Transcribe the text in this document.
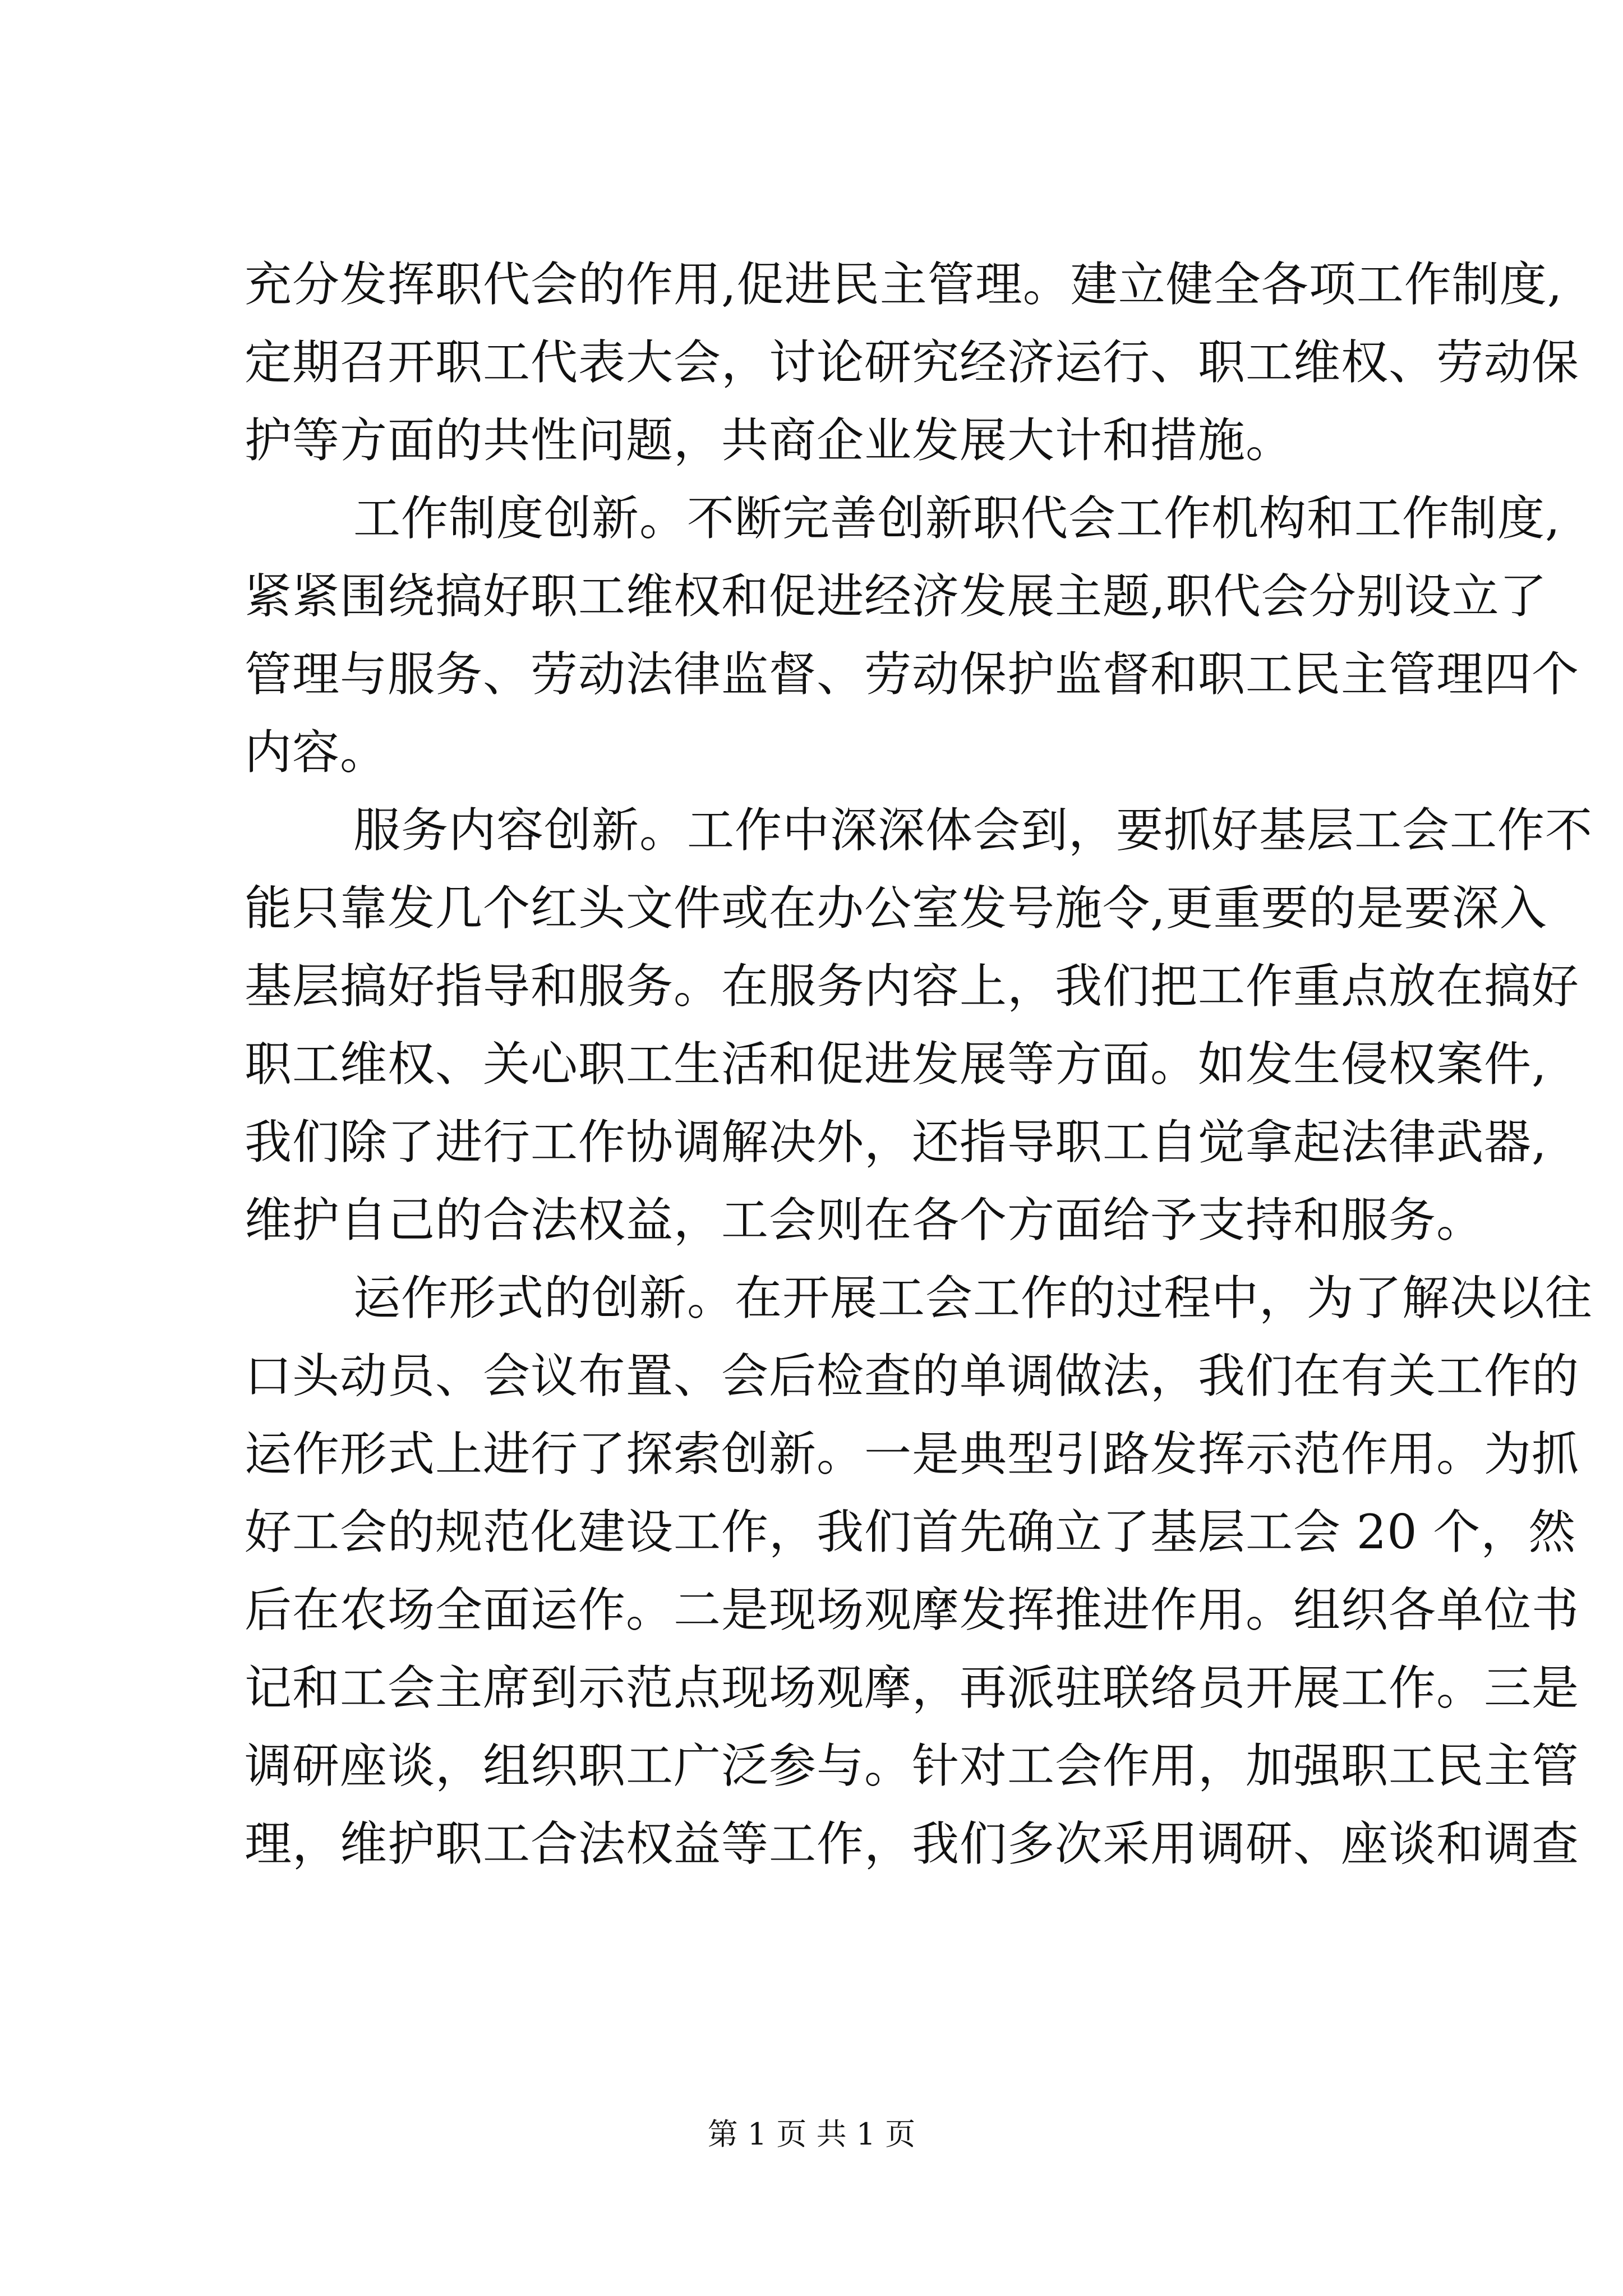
充分发挥职代会的作用,促进民主管理。建立健全各项工作制度,
定期召开职工代表大会，讨论研究经济运行、职工维权、劳动保
护等方面的共性问题，共商企业发展大计和措施。
工作制度创新。不断完善创新职代会工作机构和工作制度,
紧紧围绕搞好职工维权和促进经济发展主题,职代会分别设立了
管理与服务、劳动法律监督、劳动保护监督和职工民主管理四个
内容。
服务内容创新。工作中深深体会到，要抓好基层工会工作不
能只靠发几个红头文件或在办公室发号施令,更重要的是要深入
基层搞好指导和服务。在服务内容上，我们把工作重点放在搞好
职工维权、关心职工生活和促进发展等方面。如发生侵权案件,
我们除了进行工作协调解决外，还指导职工自觉拿起法律武器,
维护自己的合法权益，工会则在各个方面给予支持和服务。
运作形式的创新。在开展工会工作的过程中，为了解决以往
口头动员、会议布置、会后检查的单调做法，我们在有关工作的
运作形式上进行了探索创新。一是典型引路发挥示范作用。为抓
好工会的规范化建设工作，我们首先确立了基层工会 20 个，然
后在农场全面运作。二是现场观摩发挥推进作用。组织各单位书
记和工会主席到示范点现场观摩，再派驻联络员开展工作。三是
调研座谈，组织职工广泛参与。针对工会作用，加强职工民主管
理，维护职工合法权益等工作，我们多次采用调研、座谈和调查
第 1 页 共 1 页
